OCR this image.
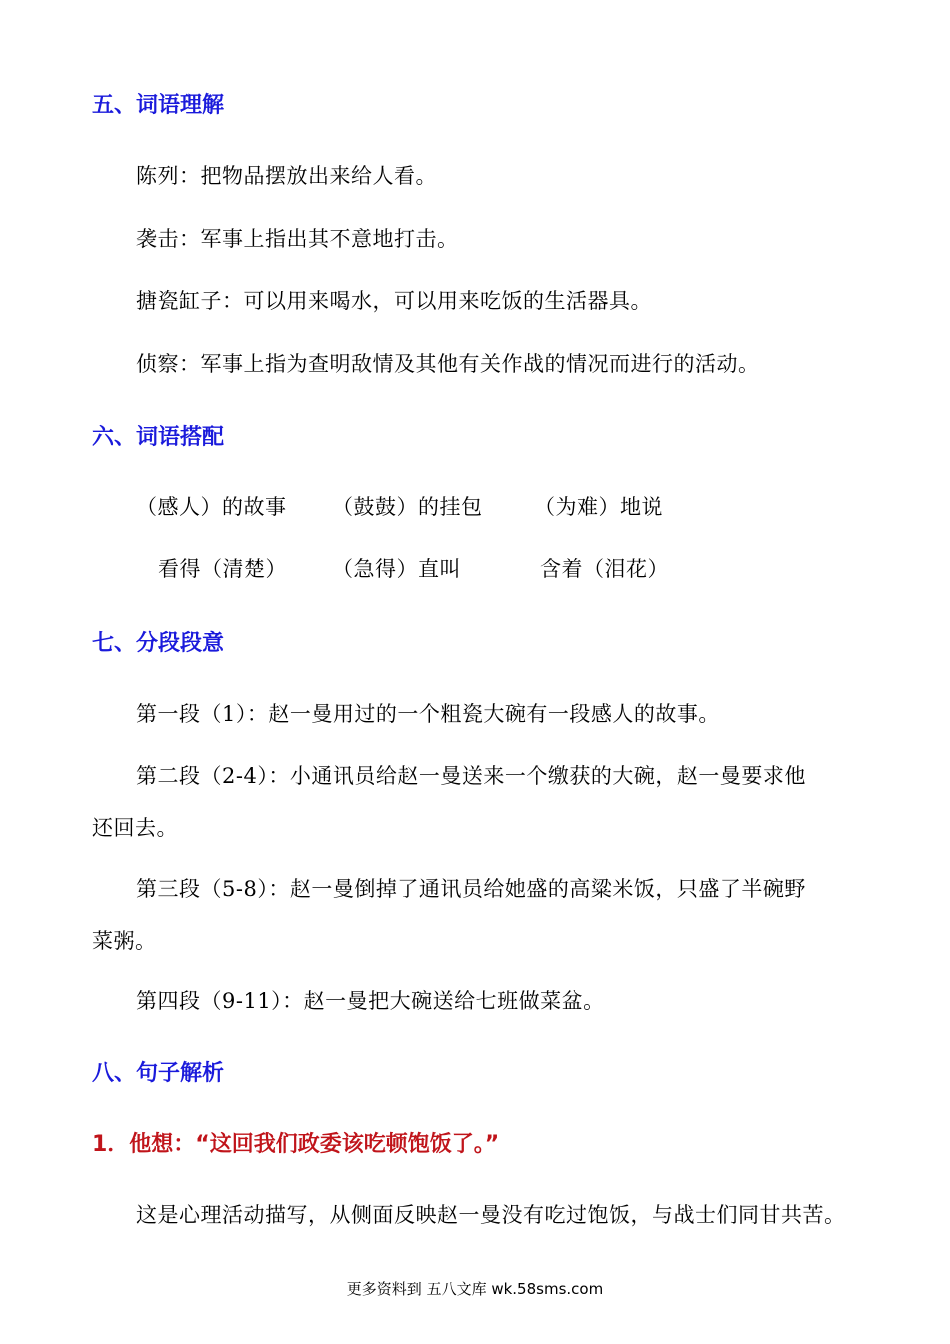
五、词语理解
陈列：把物品摆放出来给人看。
袭击：军事上指出其不意地打击。
搪瓷缸子：可以用来喝水，可以用来吃饭的生活器具。
侦察：军事上指为查明敌情及其他有关作战的情况而进行的活动。
六、词语搭配
（感人）的故事 （鼓鼓）的挂包 （为难）地说
看得（清楚） （急得）直叫	含着（泪花）
七、分段段意
第一段（1）：赵一曼用过的一个粗瓷大碗有一段感人的故事。
第二段（2-4）：小通讯员给赵一曼送来一个缴获的大碗，赵一曼要求他
还回去。
第三段（5-8）：赵一曼倒掉了通讯员给她盛的高粱米饭，只盛了半碗野
菜粥。
第四段（9-11）：赵一曼把大碗送给七班做菜盆。
八、句子解析
1．他想：“这回我们政委该吃顿饱饭了。”
这是心理活动描写，从侧面反映赵一曼没有吃过饱饭，与战士们同甘共苦。
更多资料到 五八文库 wk.58sms.com
